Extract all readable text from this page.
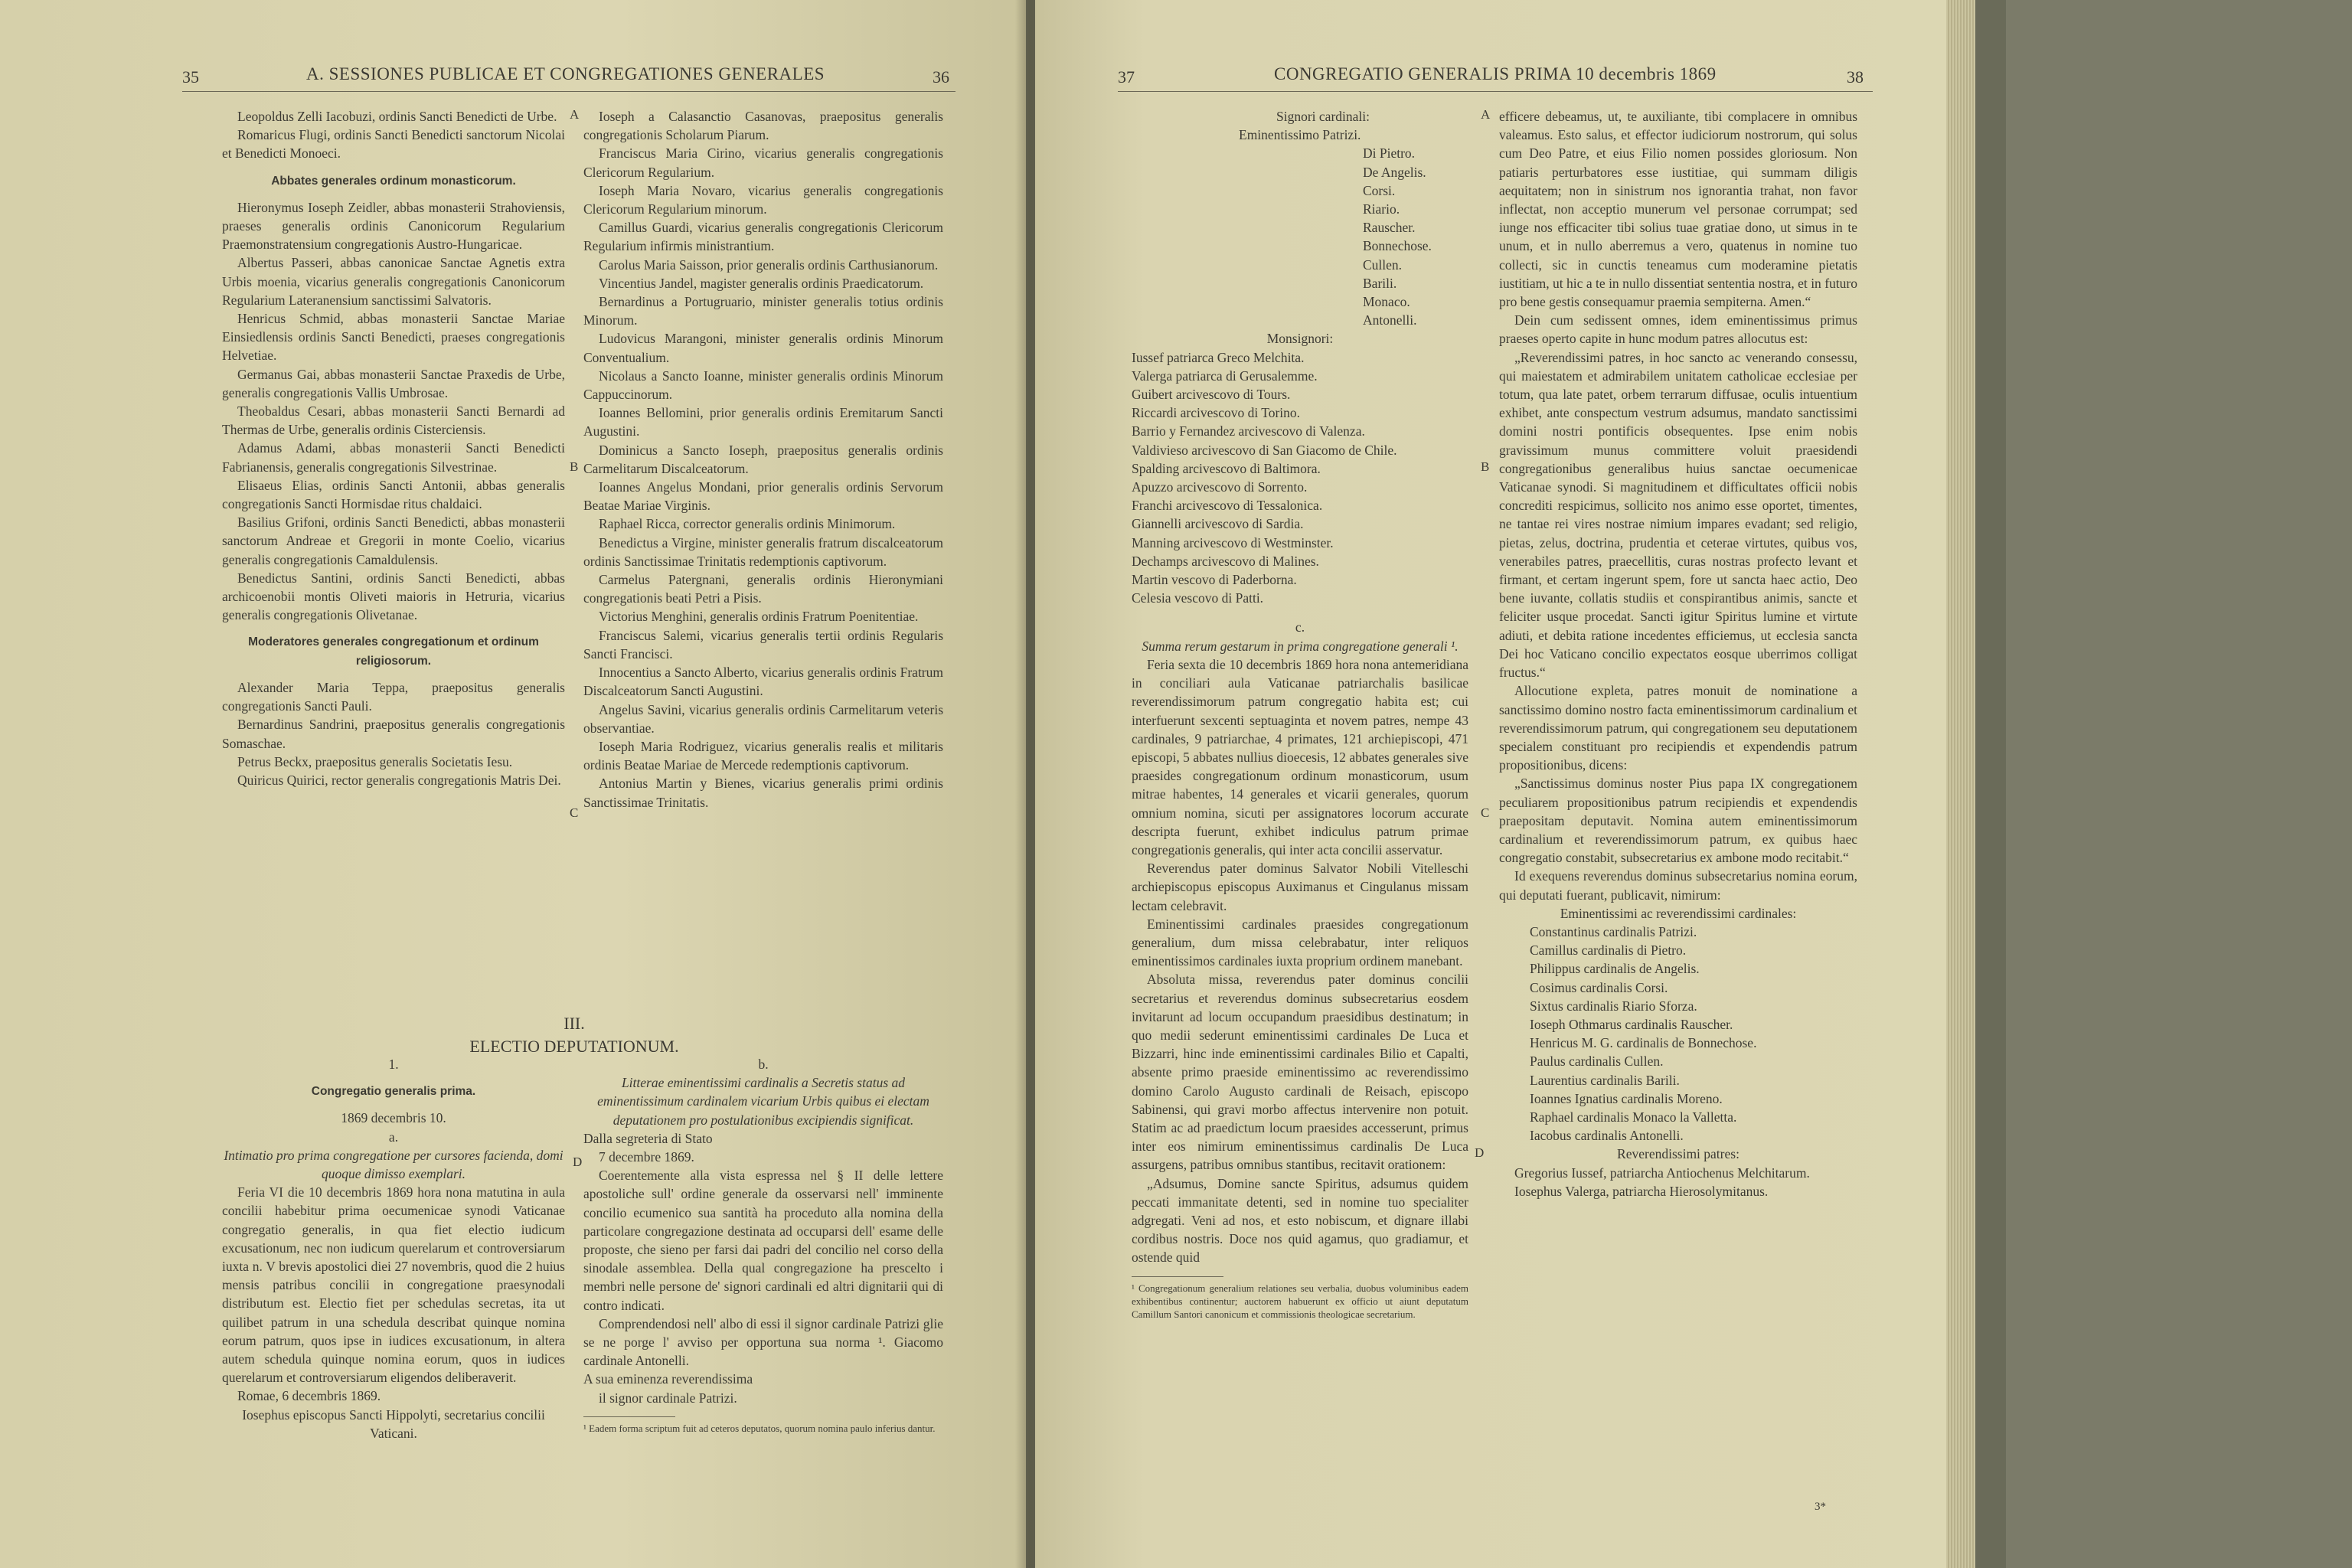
35	A. SESSIONES PUBLICAE ET CONGREGATIONES GENERALES	36

Leopoldus Zelli Iacobuzi, ordinis Sancti Benedicti de Urbe.

Romaricus Flugi, ordinis Sancti Benedicti sanctorum Nicolai et Benedicti Monoeci.

Abbates generales ordinum monasticorum.

Hieronymus Ioseph Zeidler, abbas monasterii Strahoviensis, praeses generalis ordinis Canonicorum Regularium Praemonstratensium congregationis Austro-Hungaricae.

Albertus Passeri, abbas canonicae Sanctae Agnetis extra Urbis moenia, vicarius generalis congregationis Canonicorum Regularium Lateranensium sanctissimi Salvatoris.

Henricus Schmid, abbas monasterii Sanctae Mariae Einsiedlensis ordinis Sancti Benedicti, praeses congregationis Helvetiae.

Germanus Gai, abbas monasterii Sanctae Praxedis de Urbe, generalis congregationis Vallis Umbrosae.

Theobaldus Cesari, abbas monasterii Sancti Bernardi ad Thermas de Urbe, generalis ordinis Cisterciensis.

Adamus Adami, abbas monasterii Sancti Benedicti Fabrianensis, generalis congregationis Silvestrinae.

Elisaeus Elias, ordinis Sancti Antonii, abbas generalis congregationis Sancti Hormisdae ritus chaldaici.

Basilius Grifoni, ordinis Sancti Benedicti, abbas monasterii sanctorum Andreae et Gregorii in monte Coelio, vicarius generalis congregationis Camaldulensis.

Benedictus Santini, ordinis Sancti Benedicti, abbas archicoenobii montis Oliveti maioris in Hetruria, vicarius generalis congregationis Olivetanae.

Moderatores generales congregationum et ordinum religiosorum.

Alexander Maria Teppa, praepositus generalis congregationis Sancti Pauli.

Bernardinus Sandrini, praepositus generalis congregationis Somaschae.

Petrus Beckx, praepositus generalis Societatis Iesu.

Quiricus Quirici, rector generalis congregationis Matris Dei.

Ioseph a Calasanctio Casanovas, praepositus generalis congregationis Scholarum Piarum.

Franciscus Maria Cirino, vicarius generalis congregationis Clericorum Regularium.

Ioseph Maria Novaro, vicarius generalis congregationis Clericorum Regularium minorum.

Camillus Guardi, vicarius generalis congregationis Clericorum Regularium infirmis ministrantium.

Carolus Maria Saisson, prior generalis ordinis Carthusianorum.

Vincentius Jandel, magister generalis ordinis Praedicatorum.

Bernardinus a Portugruario, minister generalis totius ordinis Minorum.

Ludovicus Marangoni, minister generalis ordinis Minorum Conventualium.

Nicolaus a Sancto Ioanne, minister generalis ordinis Minorum Cappuccinorum.

Ioannes Bellomini, prior generalis ordinis Eremitarum Sancti Augustini.

Dominicus a Sancto Ioseph, praepositus generalis ordinis Carmelitarum Discalceatorum.

Ioannes Angelus Mondani, prior generalis ordinis Servorum Beatae Mariae Virginis.

Raphael Ricca, corrector generalis ordinis Minimorum.

Benedictus a Virgine, minister generalis fratrum discalceatorum ordinis Sanctissimae Trinitatis redemptionis captivorum.

Carmelus Patergnani, generalis ordinis Hieronymiani congregationis beati Petri a Pisis.

Victorius Menghini, generalis ordinis Fratrum Poenitentiae.

Franciscus Salemi, vicarius generalis tertii ordinis Regularis Sancti Francisci.

Innocentius a Sancto Alberto, vicarius generalis ordinis Fratrum Discalceatorum Sancti Augustini.

Angelus Savini, vicarius generalis ordinis Carmelitarum veteris observantiae.

Ioseph Maria Rodriguez, vicarius generalis realis et militaris ordinis Beatae Mariae de Mercede redemptionis captivorum.

Antonius Martin y Bienes, vicarius generalis primi ordinis Sanctissimae Trinitatis.

III.
ELECTIO DEPUTATIONUM.

1.

Congregatio generalis prima.

1869 decembris 10.

a.

Intimatio pro prima congregatione per cursores facienda, domi quoque dimisso exemplari.

Feria VI die 10 decembris 1869 hora nona matutina in aula concilii habebitur prima oecumenicae synodi Vaticanae congregatio generalis, in qua fiet electio iudicum excusationum, nec non iudicum querelarum et controversiarum iuxta n. V brevis apostolici diei 27 novembris, quod die 2 huius mensis patribus concilii in congregatione praesynodali distributum est. Electio fiet per schedulas secretas, ita ut quilibet patrum in una schedula describat quinque nomina eorum patrum, quos ipse in iudices excusationum, in altera autem schedula quinque nomina eorum, quos in iudices querelarum et controversiarum eligendos deliberaverit.

Romae, 6 decembris 1869.

Iosephus episcopus Sancti Hippolyti, secretarius concilii Vaticani.

b.

Litterae eminentissimi cardinalis a Secretis status ad eminentissimum cardinalem vicarium Urbis quibus ei electam deputationem pro postulationibus excipiendis significat.

Dalla segreteria di Stato

7 decembre 1869.

Coerentemente alla vista espressa nel § II delle lettere apostoliche sull' ordine generale da osservarsi nell' imminente concilio ecumenico sua santità ha proceduto alla nomina della particolare congregazione destinata ad occuparsi dell' esame delle proposte, che sieno per farsi dai padri del concilio nel corso della sinodale assemblea. Della qual congregazione ha prescelto i membri nelle persone de' signori cardinali ed altri dignitarii qui di contro indicati.

Comprendendosi nell' albo di essi il signor cardinale Patrizi glie se ne porge l' avviso per opportuna sua norma ¹. Giacomo cardinale Antonelli.

A sua eminenza reverendissima

il signor cardinale Patrizi.

¹ Eadem forma scriptum fuit ad ceteros deputatos, quorum nomina paulo inferius dantur.
A
B
C
D
37	CONGREGATIO GENERALIS PRIMA 10 decembris 1869	38
Signori cardinali:
Eminentissimo Patrizi.
Di Pietro.
De Angelis.
Corsi.
Riario.
Rauscher.
Bonnechose.
Cullen.
Barili.
Monaco.
Antonelli.
Monsignori:
Iussef patriarca Greco Melchita.
Valerga patriarca di Gerusalemme.
Guibert arcivescovo di Tours.
Riccardi arcivescovo di Torino.
Barrio y Fernandez arcivescovo di Valenza.
Valdivieso arcivescovo di San Giacomo de Chile.
Spalding arcivescovo di Baltimora.
Apuzzo arcivescovo di Sorrento.
Franchi arcivescovo di Tessalonica.
Giannelli arcivescovo di Sardia.
Manning arcivescovo di Westminster.
Dechamps arcivescovo di Malines.
Martin vescovo di Paderborna.
Celesia vescovo di Patti.

c.

Summa rerum gestarum in prima congregatione generali ¹.

Feria sexta die 10 decembris 1869 hora nona antemeridiana in conciliari aula Vaticanae patriarchalis basilicae reverendissimorum patrum congregatio habita est; cui interfuerunt sexcenti septuaginta et novem patres, nempe 43 cardinales, 9 patriarchae, 4 primates, 121 archiepiscopi, 471 episcopi, 5 abbates nullius dioecesis, 12 abbates generales sive praesides congregationum ordinum monasticorum, usum mitrae habentes, 14 generales et vicarii generales, quorum omnium nomina, sicuti per assignatores locorum accurate descripta fuerunt, exhibet indiculus patrum primae congregationis generalis, qui inter acta concilii asservatur.

Reverendus pater dominus Salvator Nobili Vitelleschi archiepiscopus episcopus Auximanus et Cingulanus missam lectam celebravit.

Eminentissimi cardinales praesides congregationum generalium, dum missa celebrabatur, inter reliquos eminentissimos cardinales iuxta proprium ordinem manebant.

Absoluta missa, reverendus pater dominus concilii secretarius et reverendus dominus subsecretarius eosdem invitarunt ad locum occupandum praesidibus destinatum; in quo medii sederunt eminentissimi cardinales De Luca et Bizzarri, hinc inde eminentissimi cardinales Bilio et Capalti, absente primo praeside eminentissimo ac reverendissimo domino Carolo Augusto cardinali de Reisach, episcopo Sabinensi, qui gravi morbo affectus intervenire non potuit. Statim ac ad praedictum locum praesides accesserunt, primus inter eos nimirum eminentissimus cardinalis De Luca assurgens, patribus omnibus stantibus, recitavit orationem:

„Adsumus, Domine sancte Spiritus, adsumus quidem peccati immanitate detenti, sed in nomine tuo specialiter adgregati. Veni ad nos, et esto nobiscum, et dignare illabi cordibus nostris. Doce nos quid agamus, quo gradiamur, et ostende quid

¹ Congregationum generalium relationes seu verbalia, duobus voluminibus eadem exhibentibus continentur; auctorem habuerunt ex officio ut aiunt deputatum Camillum Santori canonicum et commissionis theologicae secretarium.

efficere debeamus, ut, te auxiliante, tibi complacere in omnibus valeamus. Esto salus, et effector iudiciorum nostrorum, qui solus cum Deo Patre, et eius Filio nomen possides gloriosum. Non patiaris perturbatores esse iustitiae, qui summam diligis aequitatem; non in sinistrum nos ignorantia trahat, non favor inflectat, non acceptio munerum vel personae corrumpat; sed iunge nos efficaciter tibi solius tuae gratiae dono, ut simus in te unum, et in nullo aberremus a vero, quatenus in nomine tuo collecti, sic in cunctis teneamus cum moderamine pietatis iustitiam, ut hic a te in nullo dissentiat sententia nostra, et in futuro pro bene gestis consequamur praemia sempiterna. Amen.“

Dein cum sedissent omnes, idem eminentissimus primus praeses operto capite in hunc modum patres allocutus est:

„Reverendissimi patres, in hoc sancto ac venerando consessu, qui maiestatem et admirabilem unitatem catholicae ecclesiae per totum, qua late patet, orbem terrarum diffusae, oculis intuentium exhibet, ante conspectum vestrum adsumus, mandato sanctissimi domini nostri pontificis obsequentes. Ipse enim nobis gravissimum munus committere voluit praesidendi congregationibus generalibus huius sanctae oecumenicae Vaticanae synodi. Si magnitudinem et difficultates officii nobis concrediti respicimus, sollicito nos animo esse oportet, timentes, ne tantae rei vires nostrae nimium impares evadant; sed religio, pietas, zelus, doctrina, prudentia et ceterae virtutes, quibus vos, venerabiles patres, praecellitis, curas nostras profecto levant et firmant, et certam ingerunt spem, fore ut sancta haec actio, Deo bene iuvante, collatis studiis et conspirantibus animis, sancte et feliciter usque procedat. Sancti igitur Spiritus lumine et virtute adiuti, et debita ratione incedentes efficiemus, ut ecclesia sancta Dei hoc Vaticano concilio expectatos eosque uberrimos colligat fructus.“

Allocutione expleta, patres monuit de nominatione a sanctissimo domino nostro facta eminentissimorum cardinalium et reverendissimorum patrum, qui congregationem seu deputationem specialem constituant pro recipiendis et expendendis patrum propositionibus, dicens:

„Sanctissimus dominus noster Pius papa IX congregationem peculiarem propositionibus patrum recipiendis et expendendis praepositam deputavit. Nomina autem eminentissimorum cardinalium et reverendissimorum patrum, ex quibus haec congregatio constabit, subsecretarius ex ambone modo recitabit.“

Id exequens reverendus dominus subsecretarius nomina eorum, qui deputati fuerant, publicavit, nimirum:

Eminentissimi ac reverendissimi cardinales:

Constantinus cardinalis Patrizi.

Camillus cardinalis di Pietro.

Philippus cardinalis de Angelis.

Cosimus cardinalis Corsi.

Sixtus cardinalis Riario Sforza.

Ioseph Othmarus cardinalis Rauscher.

Henricus M. G. cardinalis de Bonnechose.

Paulus cardinalis Cullen.

Laurentius cardinalis Barili.

Ioannes Ignatius cardinalis Moreno.

Raphael cardinalis Monaco la Valletta.

Iacobus cardinalis Antonelli.

Reverendissimi patres:

Gregorius Iussef, patriarcha Antiochenus Melchitarum.

Iosephus Valerga, patriarcha Hierosolymitanus.

A
B
C
D
3*
